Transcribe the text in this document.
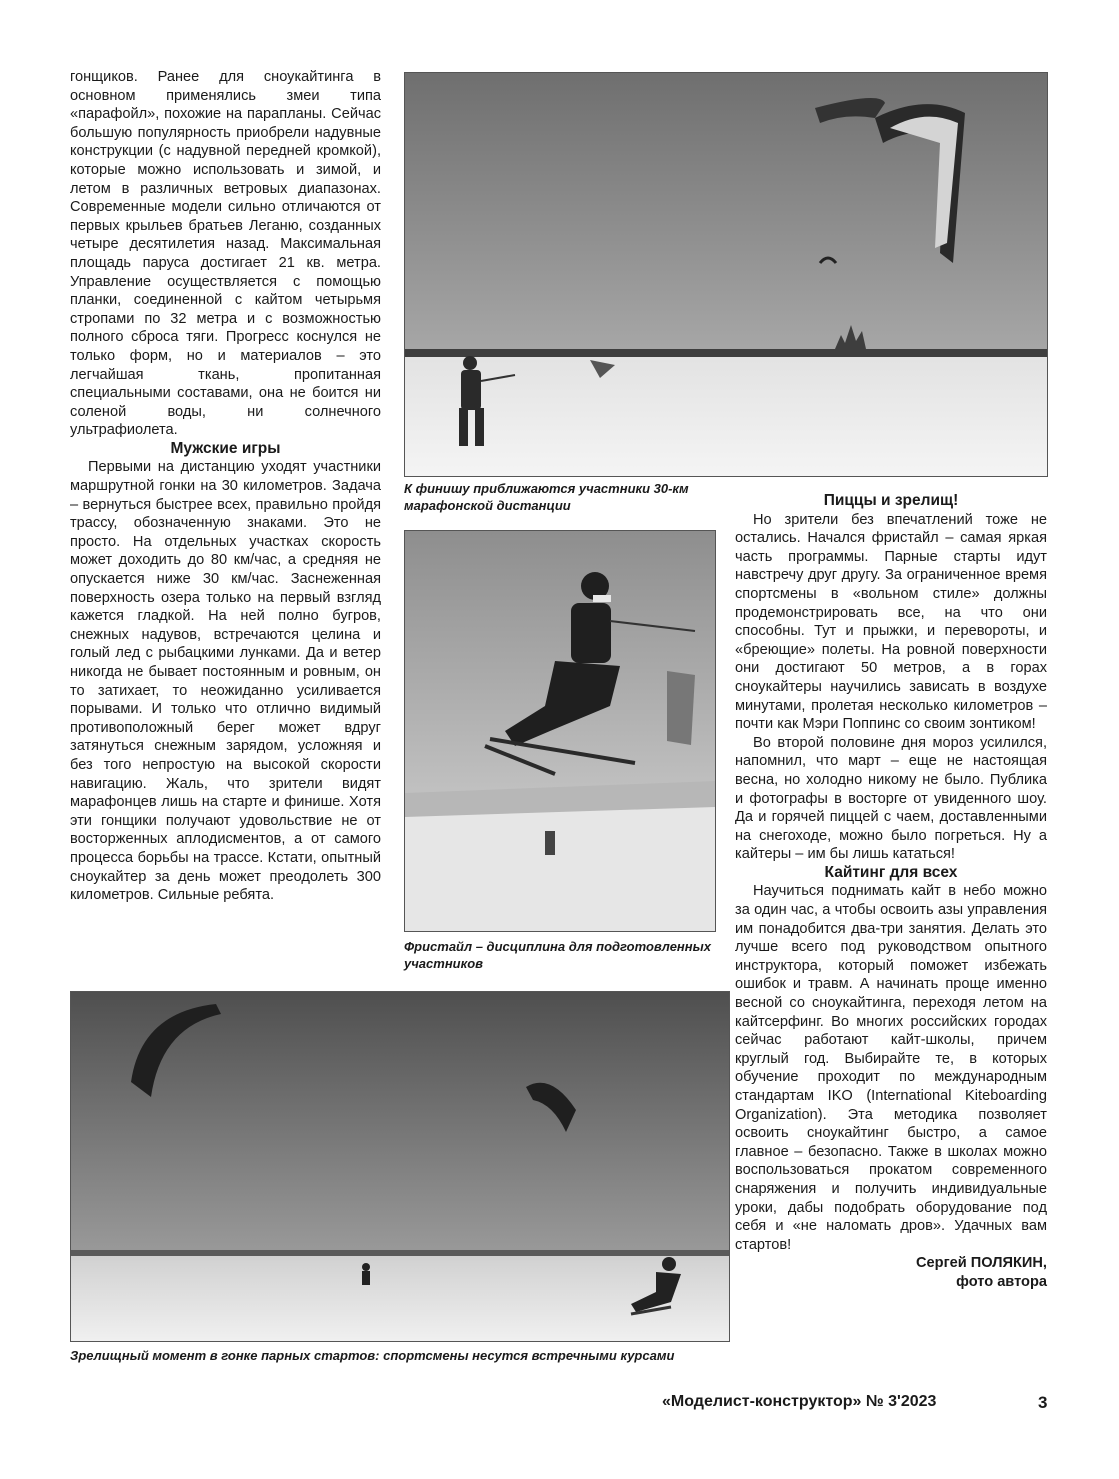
гонщиков. Ранее для сноукайтинга в основном применялись змеи типа «парафойл», похожие на парапланы. Сейчас большую популярность приобрели надувные конструкции (с надувной передней кромкой), которые можно использовать и зимой, и летом в различных ветровых диапазонах. Современные модели сильно отличаются от первых крыльев братьев Леганю, созданных четыре десятилетия назад. Максимальная площадь паруса достигает 21 кв. метра. Управление осуществляется с помощью планки, соединенной с кайтом четырьмя стропами по 32 метра и с возможностью полного сброса тяги. Прогресс коснулся не только форм, но и материалов – это легчайшая ткань, пропитанная специальными составами, она не боится ни соленой воды, ни солнечного ультрафиолета.

Мужские игры

Первыми на дистанцию уходят участники маршрутной гонки на 30 километров. Задача – вернуться быстрее всех, правильно пройдя трассу, обозначенную знаками. Это не просто. На отдельных участках скорость может доходить до 80 км/час, а средняя не опускается ниже 30 км/час. Заснеженная поверхность озера только на первый взгляд кажется гладкой. На ней полно бугров, снежных надувов, встречаются целина и голый лед с рыбацкими лунками. Да и ветер никогда не бывает постоянным и ровным, он то затихает, то неожиданно усиливается порывами. И только что отлично видимый противоположный берег может вдруг затянуться снежным зарядом, усложняя и без того непростую на высокой скорости навигацию. Жаль, что зрители видят марафонцев лишь на старте и финише. Хотя эти гонщики получают удовольствие не от восторженных аплодисментов, а от самого процесса борьбы на трассе. Кстати, опытный сноукайтер за день может преодолеть 300 километров. Сильные ребята.

К финишу приближаются участники 30-км марафонской дистанции
Фристайл – дисциплина для подготовленных участников
Зрелищный момент в гонке парных стартов: спортсмены несутся встречными курсами

Пиццы и зрелищ!

Но зрители без впечатлений тоже не остались. Начался фристайл – самая яркая часть программы. Парные старты идут навстречу друг другу. За ограниченное время спортсмены в «вольном стиле» должны продемонстрировать все, на что они способны. Тут и прыжки, и перевороты, и «бреющие» полеты. На ровной поверхности они достигают 50 метров, а в горах сноукайтеры научились зависать в воздухе минутами, пролетая несколько километров – почти как Мэри Поппинс со своим зонтиком!

Во второй половине дня мороз усилился, напомнил, что март – еще не настоящая весна, но холодно никому не было. Публика и фотографы в восторге от увиденного шоу. Да и горячей пиццей с чаем, доставленными на снегоходе, можно было погреться. Ну а кайтеры – им бы лишь кататься!

Кайтинг для всех

Научиться поднимать кайт в небо можно за один час, а чтобы освоить азы управления им понадобится два-три занятия. Делать это лучше всего под руководством опытного инструктора, который поможет избежать ошибок и травм. А начинать проще именно весной со сноукайтинга, переходя летом на кайтсерфинг. Во многих российских городах сейчас работают кайт-школы, причем круглый год. Выбирайте те, в которых обучение проходит по международным стандартам IKO (International Kiteboarding Organization). Эта методика позволяет освоить сноукайтинг быстро, а самое главное – безопасно. Также в школах можно воспользоваться прокатом современного снаряжения и получить индивидуальные уроки, дабы подобрать оборудование под себя и «не наломать дров». Удачных вам стартов!

Сергей ПОЛЯКИН,

фото автора

«Моделист-конструктор» № 3'2023	3
